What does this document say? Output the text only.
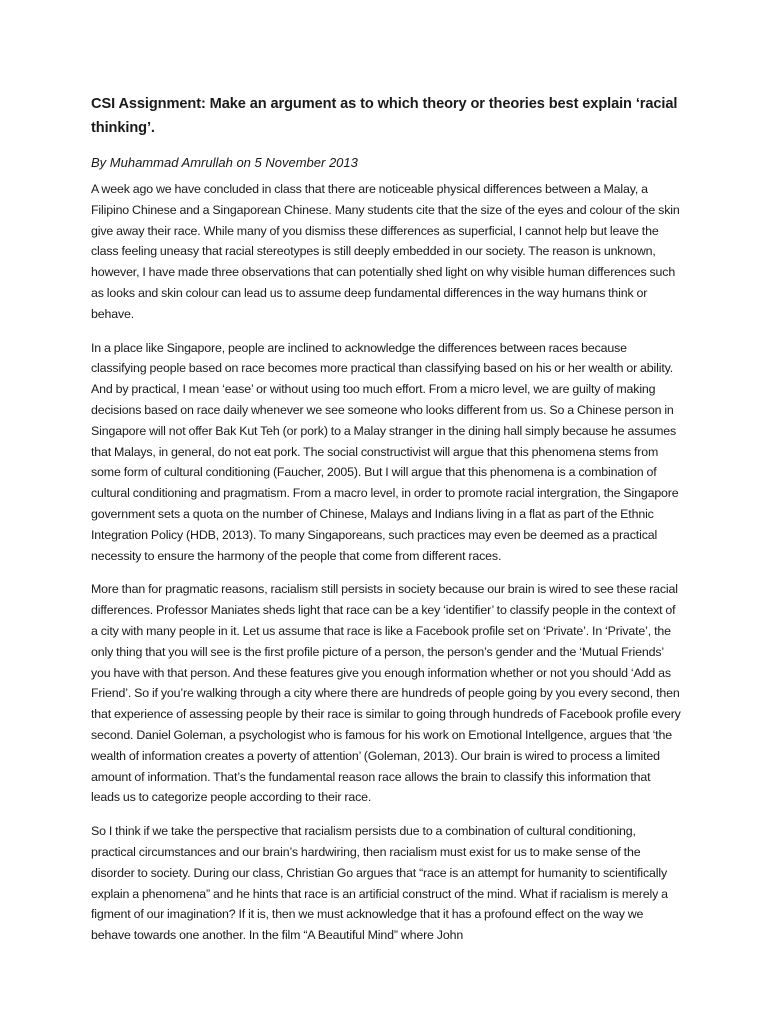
CSI Assignment: Make an argument as to which theory or theories best explain ‘racial thinking’.
By Muhammad Amrullah on 5 November 2013

A week ago we have concluded in class that there are noticeable physical differences between a Malay, a Filipino Chinese and a Singaporean Chinese. Many students cite that the size of the eyes and colour of the skin give away their race. While many of you dismiss these differences as superficial, I cannot help but leave the class feeling uneasy that racial stereotypes is still deeply embedded in our society. The reason is unknown, however, I have made three observations that can potentially shed light on why visible human differences such as looks and skin colour can lead us to assume deep fundamental differences in the way humans think or behave.

In a place like Singapore, people are inclined to acknowledge the differences between races because classifying people based on race becomes more practical than classifying based on his or her wealth or ability. And by practical, I mean ‘ease’ or without using too much effort. From a micro level, we are guilty of making decisions based on race daily whenever we see someone who looks different from us. So a Chinese person in Singapore will not offer Bak Kut Teh (or pork) to a Malay stranger in the dining hall simply because he assumes that Malays, in general, do not eat pork. The social constructivist will argue that this phenomena stems from some form of cultural conditioning (Faucher, 2005). But I will argue that this phenomena is a combination of cultural conditioning and pragmatism. From a macro level, in order to promote racial intergration, the Singapore government sets a quota on the number of Chinese, Malays and Indians living in a flat as part of the Ethnic Integration Policy (HDB, 2013). To many Singaporeans, such practices may even be deemed as a practical necessity to ensure the harmony of the people that come from different races.

More than for pragmatic reasons, racialism still persists in society because our brain is wired to see these racial differences. Professor Maniates sheds light that race can be a key ‘identifier’ to classify people in the context of a city with many people in it. Let us assume that race is like a Facebook profile set on ‘Private’. In ‘Private’, the only thing that you will see is the first profile picture of a person, the person’s gender and the ‘Mutual Friends’ you have with that person. And these features give you enough information whether or not you should ‘Add as Friend’. So if you’re walking through a city where there are hundreds of people going by you every second, then that experience of assessing people by their race is similar to going through hundreds of Facebook profile every second. Daniel Goleman, a psychologist who is famous for his work on Emotional Intellgence, argues that ‘the wealth of information creates a poverty of attention’ (Goleman, 2013). Our brain is wired to process a limited amount of information. That’s the fundamental reason race allows the brain to classify this information that leads us to categorize people according to their race.

So I think if we take the perspective that racialism persists due to a combination of cultural conditioning, practical circumstances and our brain’s hardwiring, then racialism must exist for us to make sense of the disorder to society. During our class, Christian Go argues that “race is an attempt for humanity to scientifically explain a phenomena” and he hints that race is an artificial construct of the mind. What if racialism is merely a figment of our imagination? If it is, then we must acknowledge that it has a profound effect on the way we behave towards one another. In the film “A Beautiful Mind” where John
